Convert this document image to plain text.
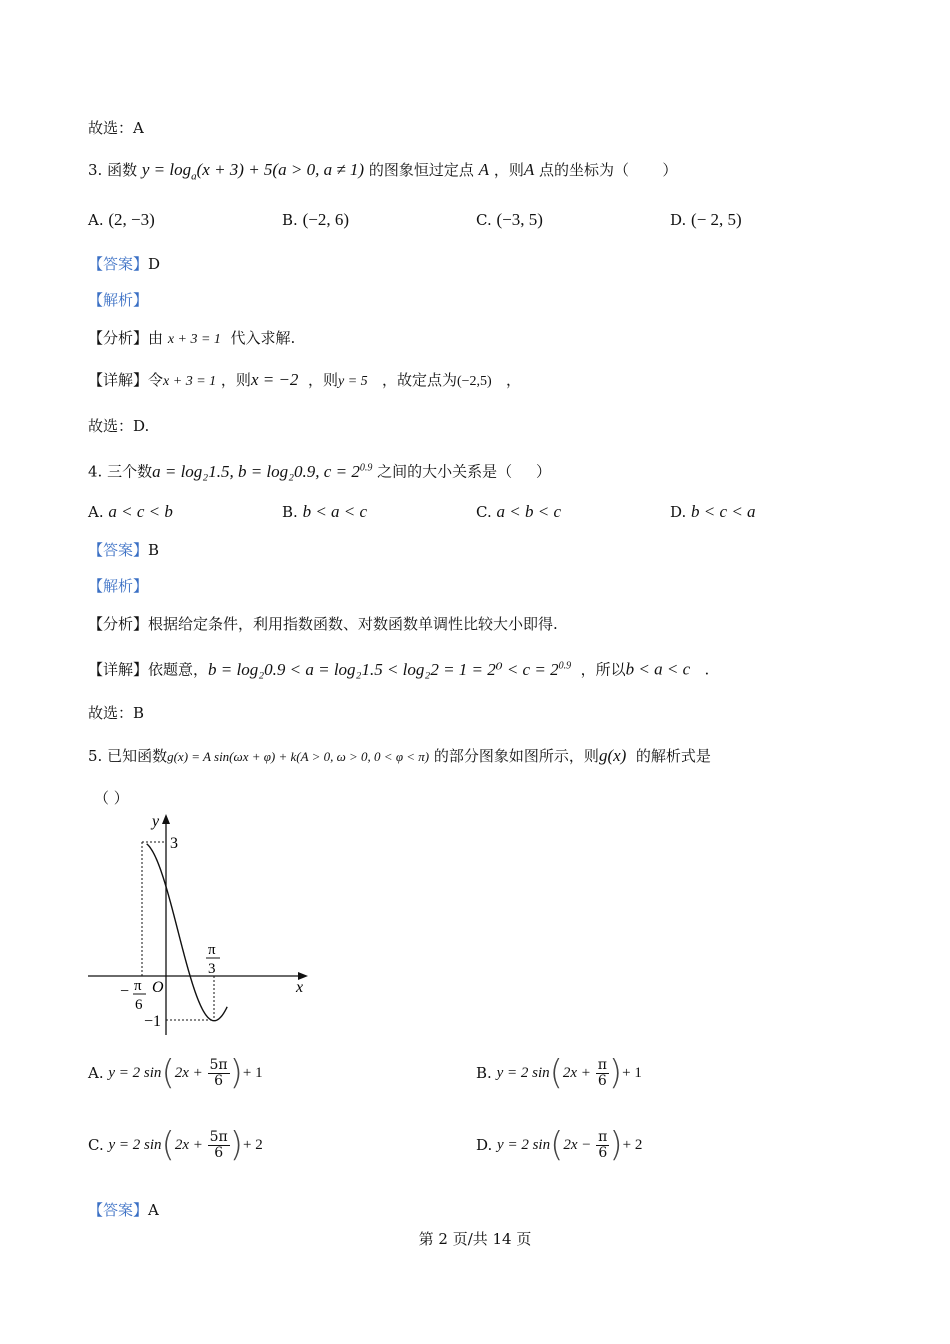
故选：A
3. 函数 $y = \log_a(x + 3) + 5(a > 0$, a ≠ 1) 的图象恒过定点 A ，则A 点的坐标为（ ）
A. (2, −3)	B. (−2, 6)	C. (−3, 5)	D. (− 2, 5)
【答案】D
【解析】
【分析】由 x + 3 = 1 代入求解.
【详解】令x + 3 = 1 ，则x = −2 ，则y = 5 ，故定点为(−2,5) ，
故选：D.
4. 三个数a = log₂1.5, b = log₂0.9, $c = 2^{0.9}$ 之间的大小关系是（ ）
A. a < c < b	B. b < a < c	C. a < b < c	D. b < c < a
【答案】B
【解析】
【分析】根据给定条件，利用指数函数、对数函数单调性比较大小即得.
【详解】依题意，$b = \log_20.9 < a = \log_21.5 < \log_22 = 1 = 2^0 < c = 2^{0.9}$ ，所以b < a < c .
故选：B
5. 已知函数g(x) = A sin(ωx + φ) + k(A > 0, ω > 0, 0 < φ < π) 的部分图象如图所示，则g(x) 的解析式是
（ ）
y
x
O
3
−1
− π
6
π
3
A. y = 2 $\sin(2x + \frac{5\pi}{6}$ )+ 1	B. y = 2 $\sin(2x + \frac{\pi}{6}$ )+ 1
C. y = 2 $\sin(2x + \frac{5\pi}{6}$ )+ 2	D. y = 2 $\sin(2x - \frac{\pi}{6}$ )+ 2
【答案】A
第 2 页/共 14 页
